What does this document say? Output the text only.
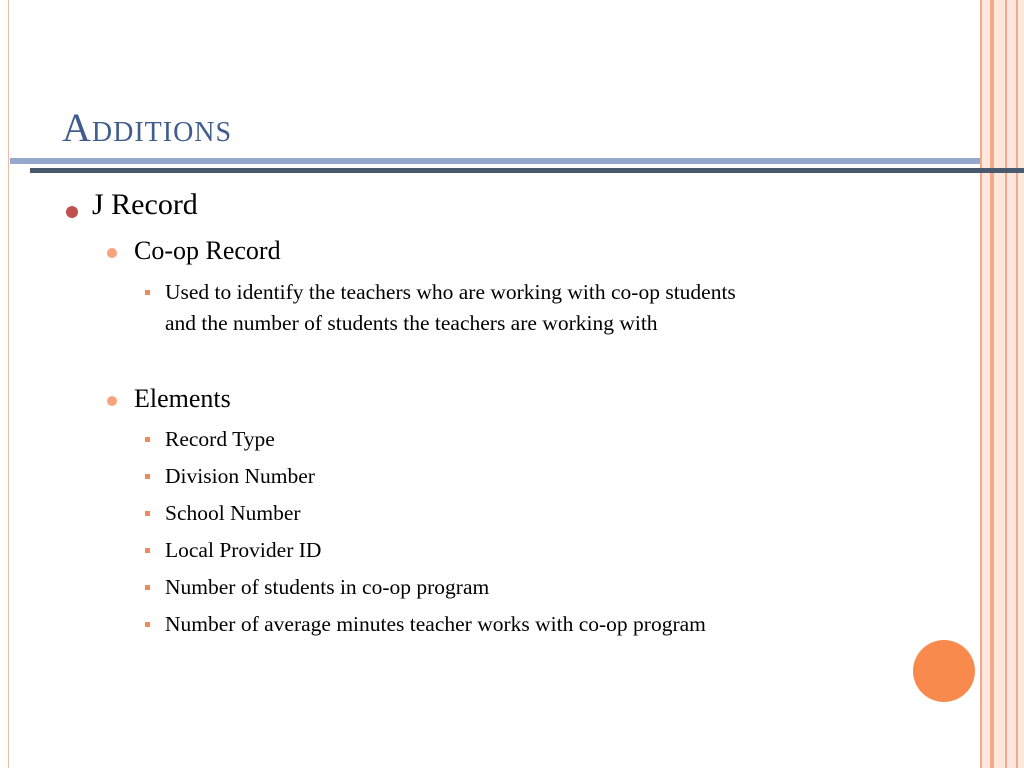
Additions
J Record
Co-op Record
Used to identify the teachers who are working with co-op students
and the number of students the teachers are working with
Elements
Record Type
Division Number
School Number
Local Provider ID
Number of students in co-op program
Number of average minutes teacher works with co-op program
